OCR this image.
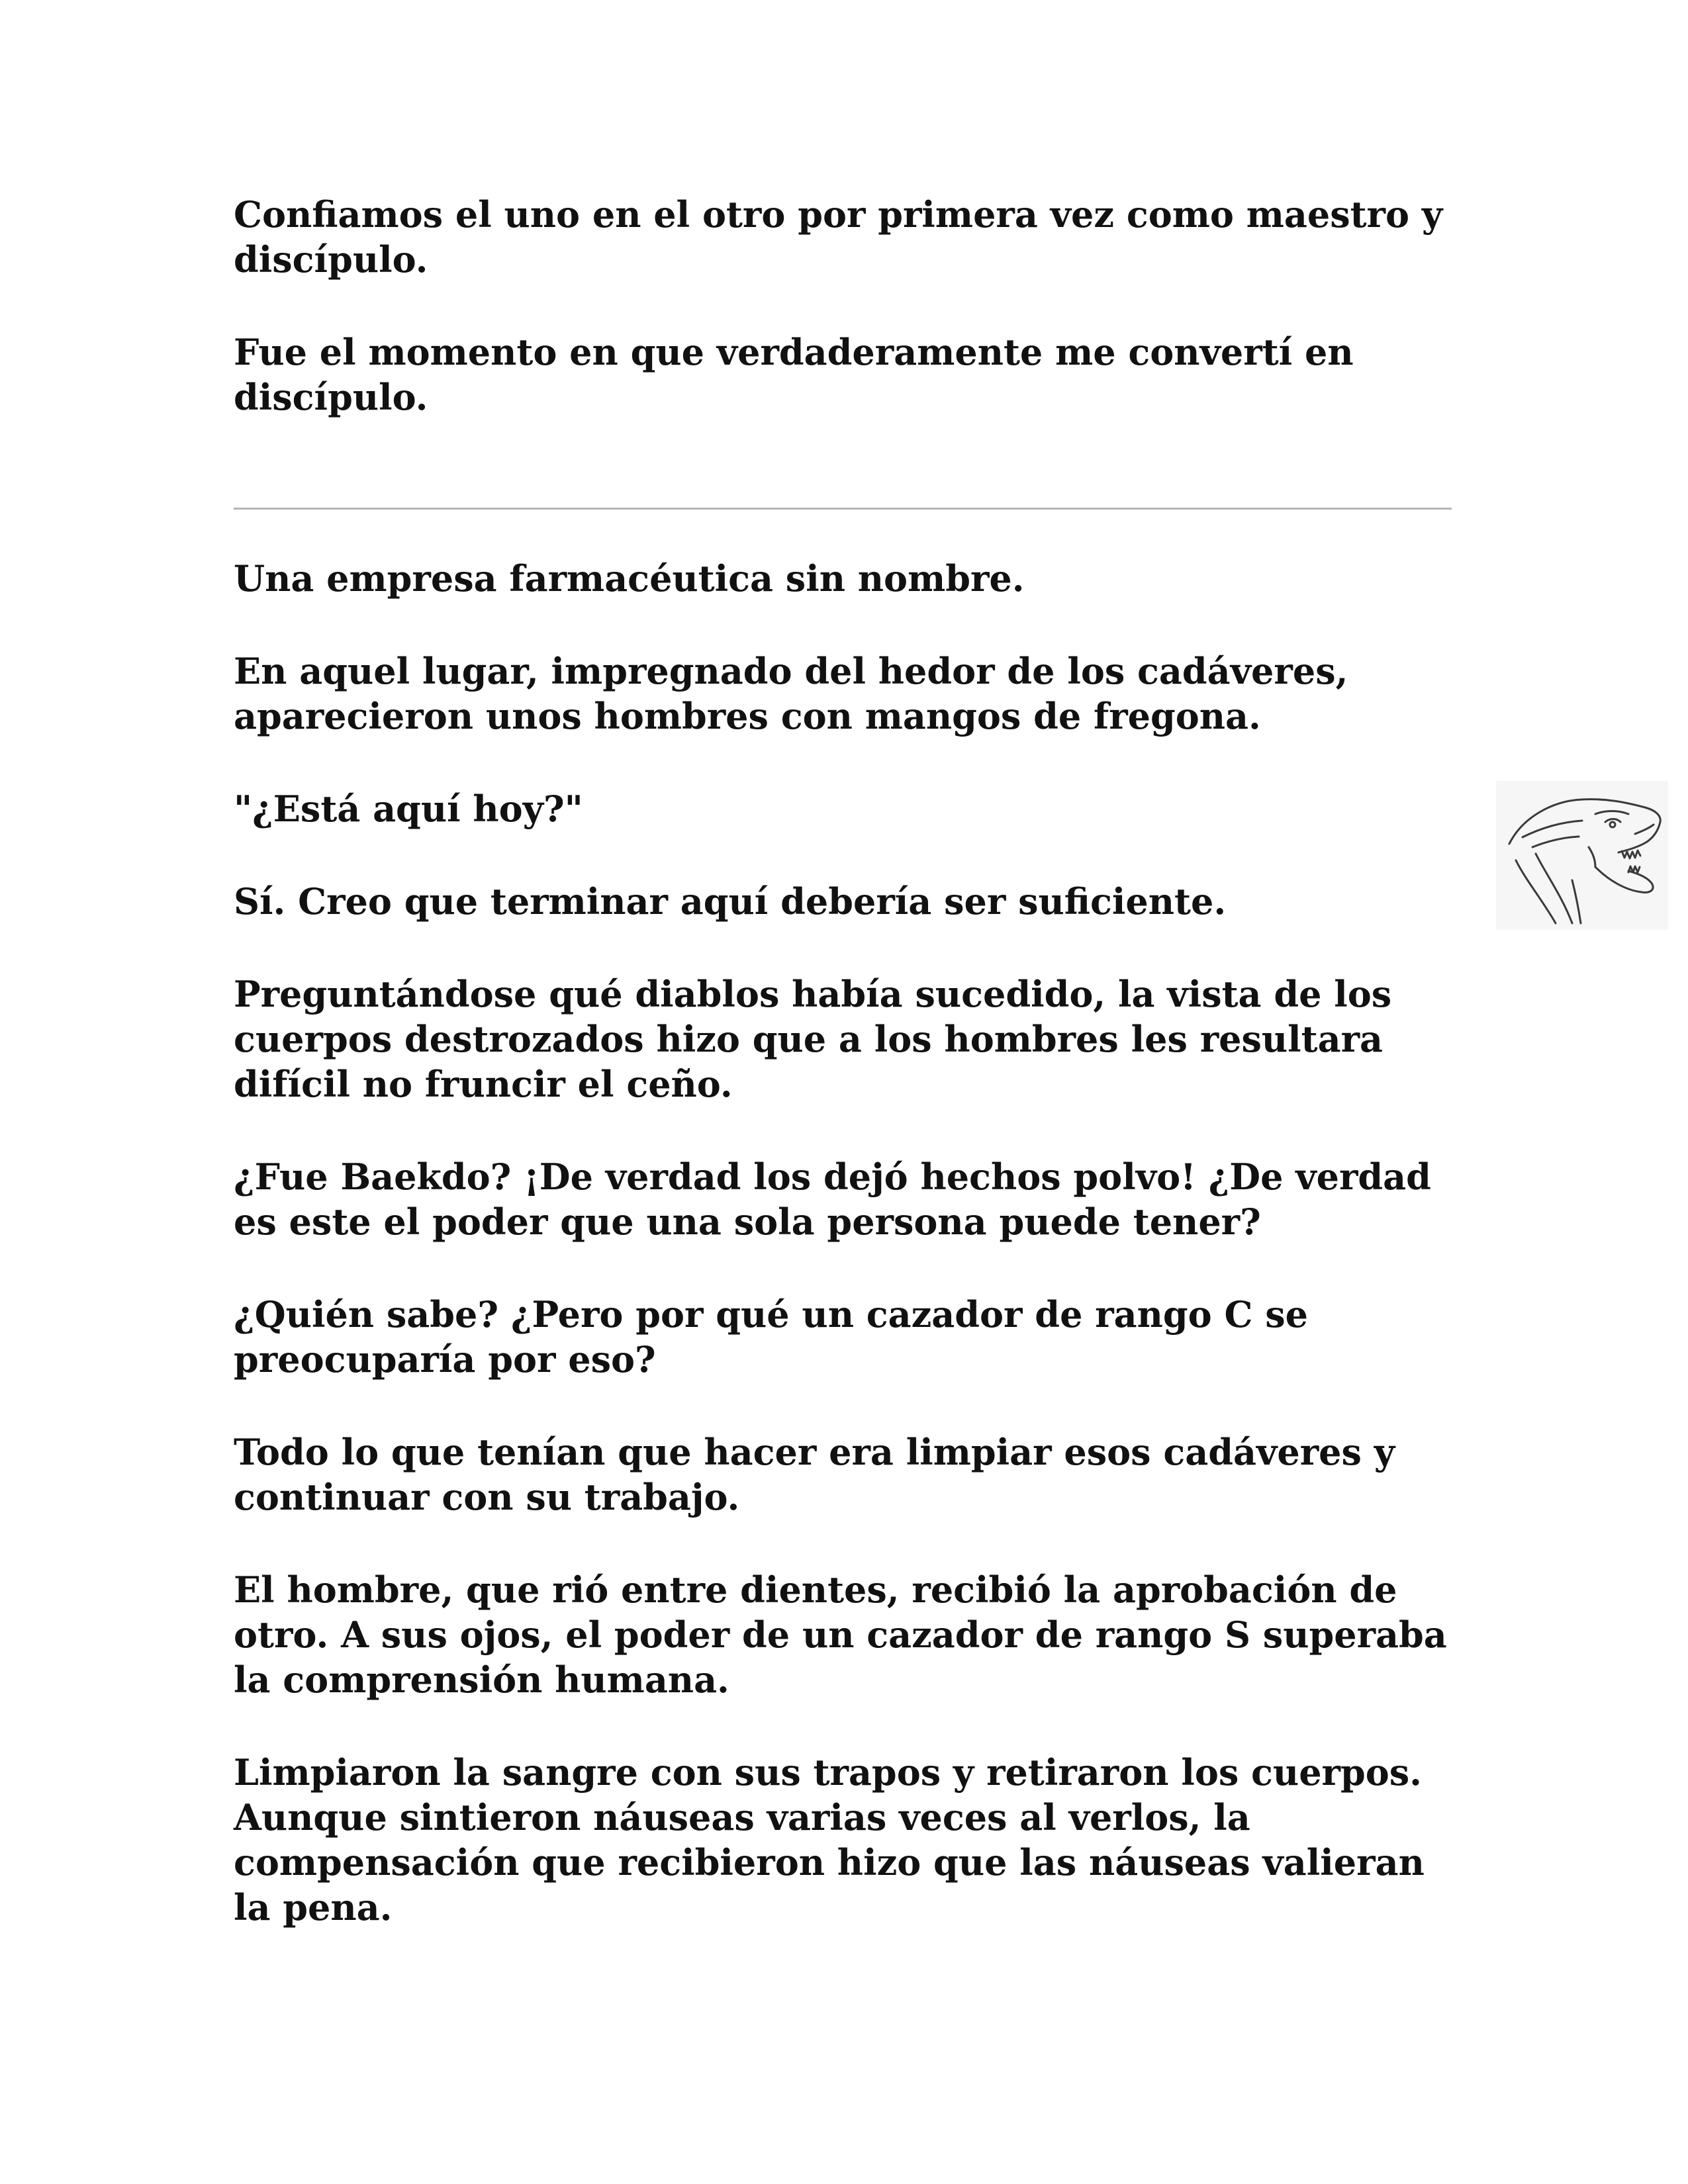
Confiamos el uno en el otro por primera vez como maestro y discípulo.

Fue el momento en que verdaderamente me convertí en discípulo.

Una empresa farmacéutica sin nombre.

En aquel lugar, impregnado del hedor de los cadáveres, aparecieron unos hombres con mangos de fregona.

"¿Está aquí hoy?"

Sí. Creo que terminar aquí debería ser suficiente.

Preguntándose qué diablos había sucedido, la vista de los cuerpos destrozados hizo que a los hombres les resultara difícil no fruncir el ceño.

¿Fue Baekdo? ¡De verdad los dejó hechos polvo! ¿De verdad es este el poder que una sola persona puede tener?

¿Quién sabe? ¿Pero por qué un cazador de rango C se preocuparía por eso?

Todo lo que tenían que hacer era limpiar esos cadáveres y continuar con su trabajo.

El hombre, que rió entre dientes, recibió la aprobación de otro. A sus ojos, el poder de un cazador de rango S superaba la comprensión humana.

Limpiaron la sangre con sus trapos y retiraron los cuerpos. Aunque sintieron náuseas varias veces al verlos, la compensación que recibieron hizo que las náuseas valieran la pena.
